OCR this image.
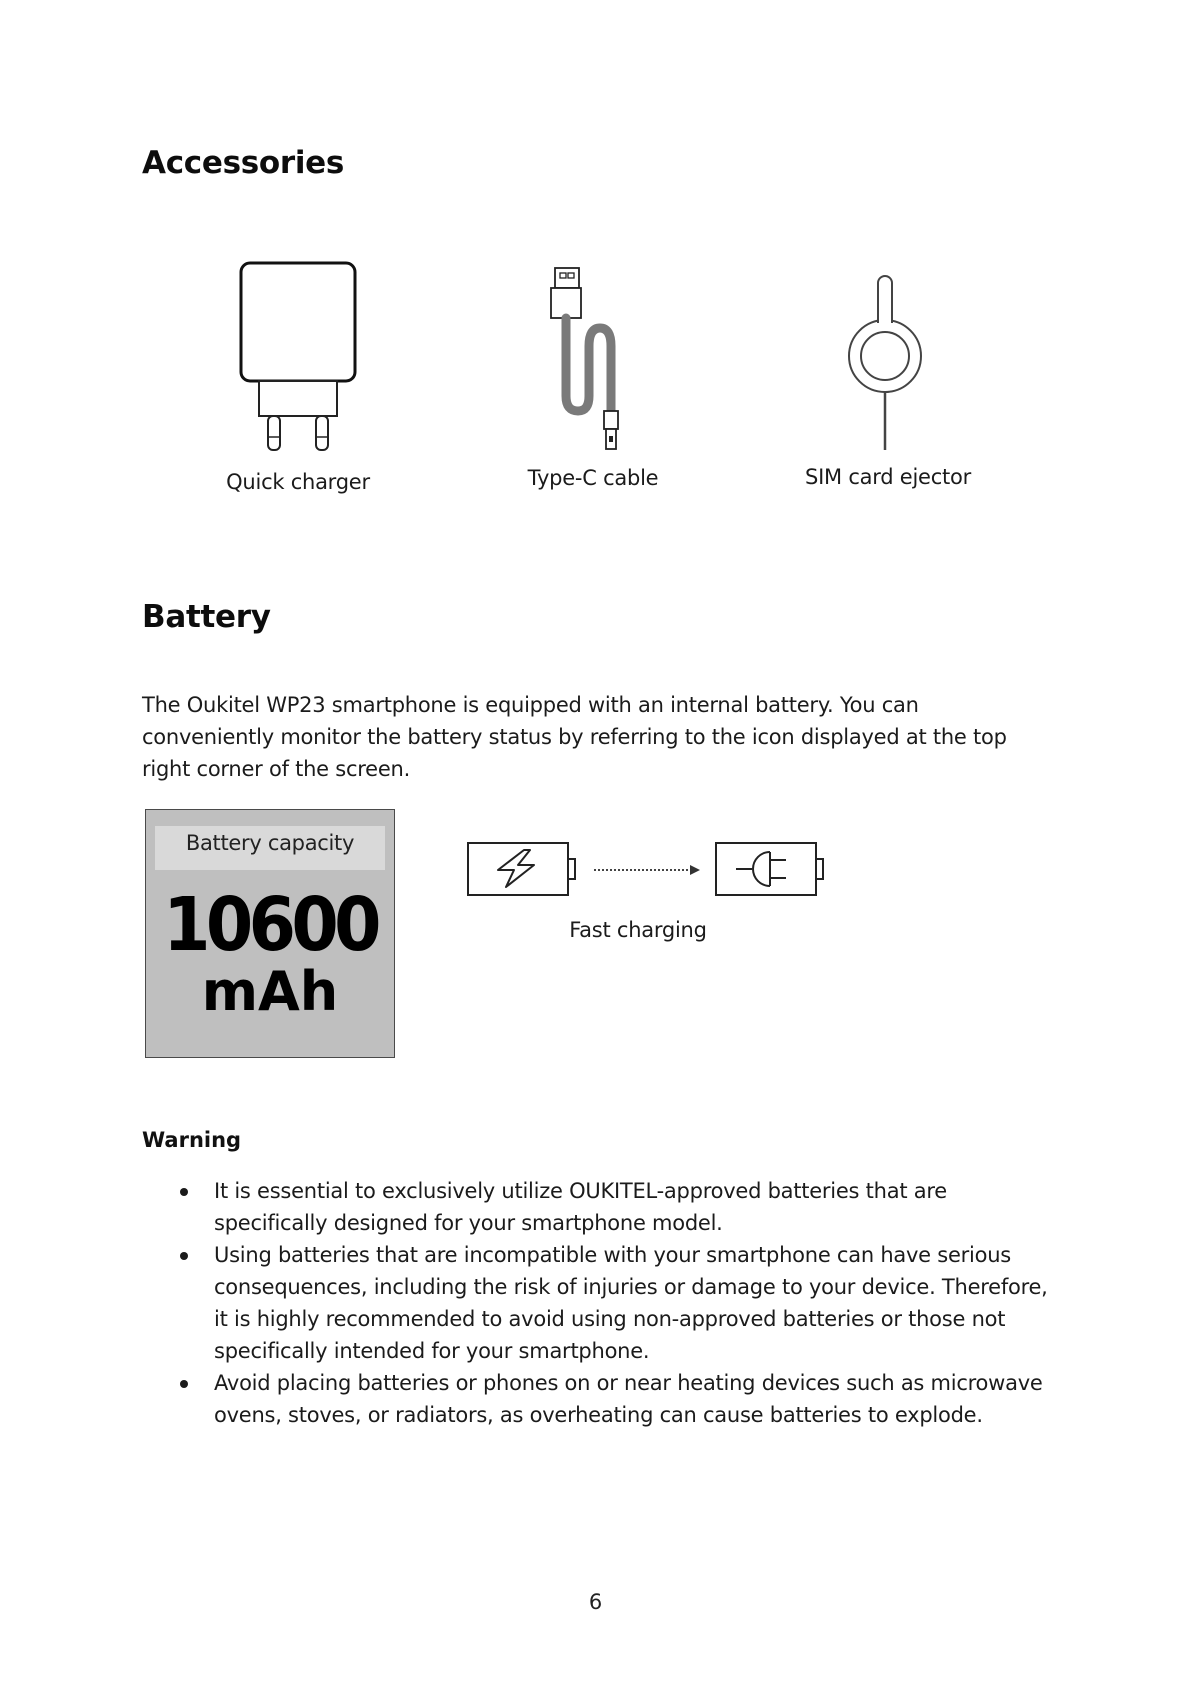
Accessories
Quick charger	Type-C cable	SIM card ejector
Battery
The Oukitel WP23 smartphone is equipped with an internal battery. You can conveniently monitor the battery status by referring to the icon displayed at the top right corner of the screen.
Battery capacity
10600
mAh
Fast charging
Warning
It is essential to exclusively utilize OUKITEL-approved batteries that are specifically designed for your smartphone model.
Using batteries that are incompatible with your smartphone can have serious consequences, including the risk of injuries or damage to your device. Therefore, it is highly recommended to avoid using non-approved batteries or those not specifically intended for your smartphone.
Avoid placing batteries or phones on or near heating devices such as microwave ovens, stoves, or radiators, as overheating can cause batteries to explode.
6
